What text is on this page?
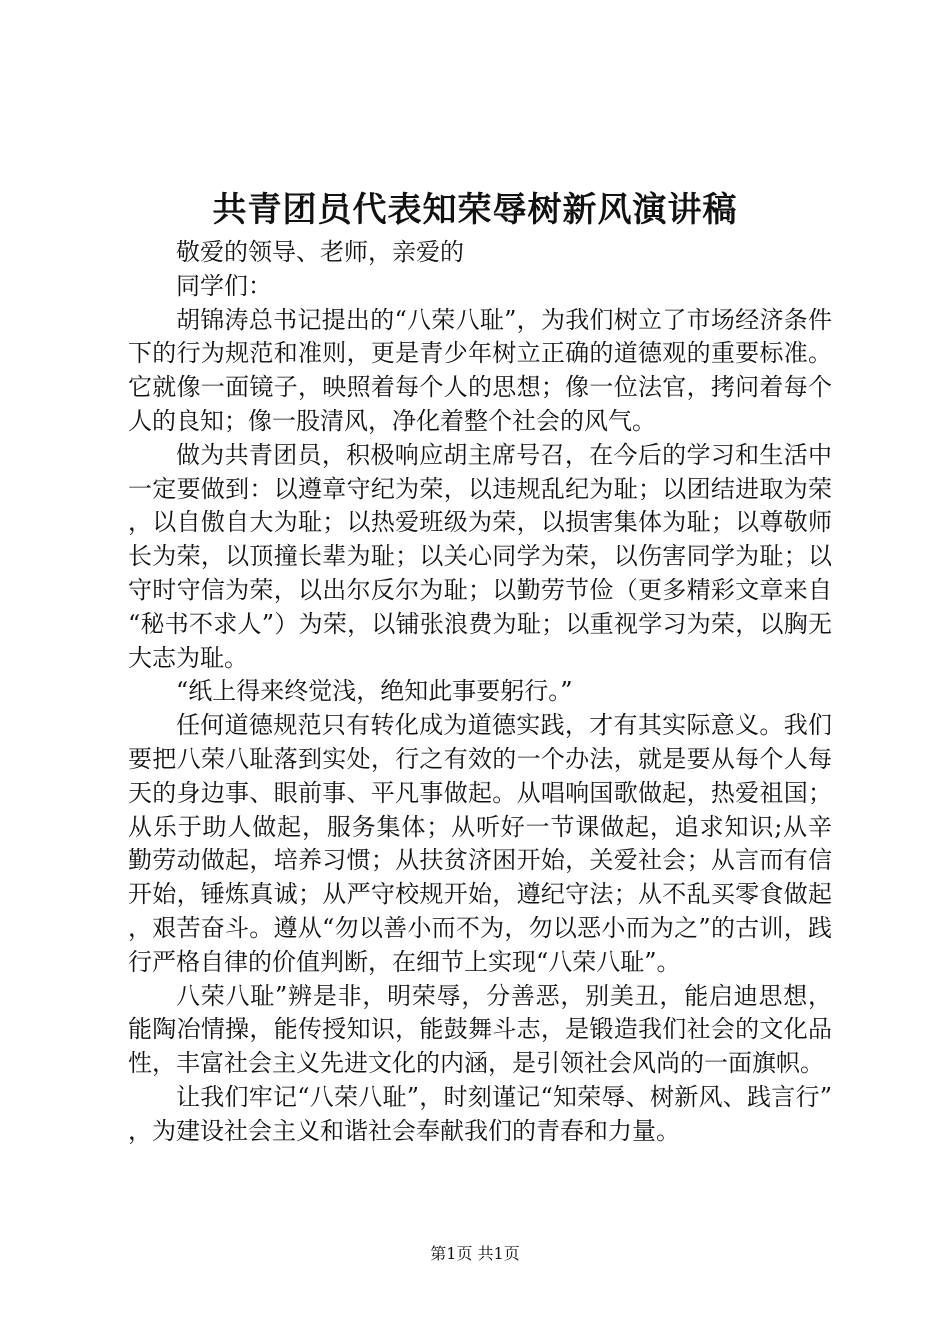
共青团员代表知荣辱树新风演讲稿

敬爱的领导、老师，亲爱的

同学们：

胡锦涛总书记提出的“八荣八耻”，为我们树立了市场经济条件下的行为规范和准则，更是青少年树立正确的道德观的重要标准。它就像一面镜子，映照着每个人的思想；像一位法官，拷问着每个人的良知；像一股清风，净化着整个社会的风气。

做为共青团员，积极响应胡主席号召，在今后的学习和生活中一定要做到：以遵章守纪为荣，以违规乱纪为耻；以团结进取为荣，以自傲自大为耻；以热爱班级为荣，以损害集体为耻；以尊敬师长为荣，以顶撞长辈为耻；以关心同学为荣，以伤害同学为耻；以守时守信为荣，以出尔反尔为耻；以勤劳节俭（更多精彩文章来自“秘书不求人”）为荣，以铺张浪费为耻；以重视学习为荣，以胸无大志为耻。

“纸上得来终觉浅，绝知此事要躬行。”

任何道德规范只有转化成为道德实践，才有其实际意义。我们要把八荣八耻落到实处，行之有效的一个办法，就是要从每个人每天的身边事、眼前事、平凡事做起。从唱响国歌做起，热爱祖国；从乐于助人做起，服务集体；从听好一节课做起，追求知识;从辛勤劳动做起，培养习惯；从扶贫济困开始，关爱社会；从言而有信开始，锤炼真诚；从严守校规开始，遵纪守法；从不乱买零食做起，艰苦奋斗。遵从“勿以善小而不为，勿以恶小而为之”的古训，践行严格自律的价值判断，在细节上实现“八荣八耻”。

八荣八耻”辨是非，明荣辱，分善恶，别美丑，能启迪思想，能陶冶情操，能传授知识，能鼓舞斗志，是锻造我们社会的文化品性，丰富社会主义先进文化的内涵，是引领社会风尚的一面旗帜。

让我们牢记“八荣八耻”，时刻谨记“知荣辱、树新风、践言行”，为建设社会主义和谐社会奉献我们的青春和力量。

第1页 共1页
